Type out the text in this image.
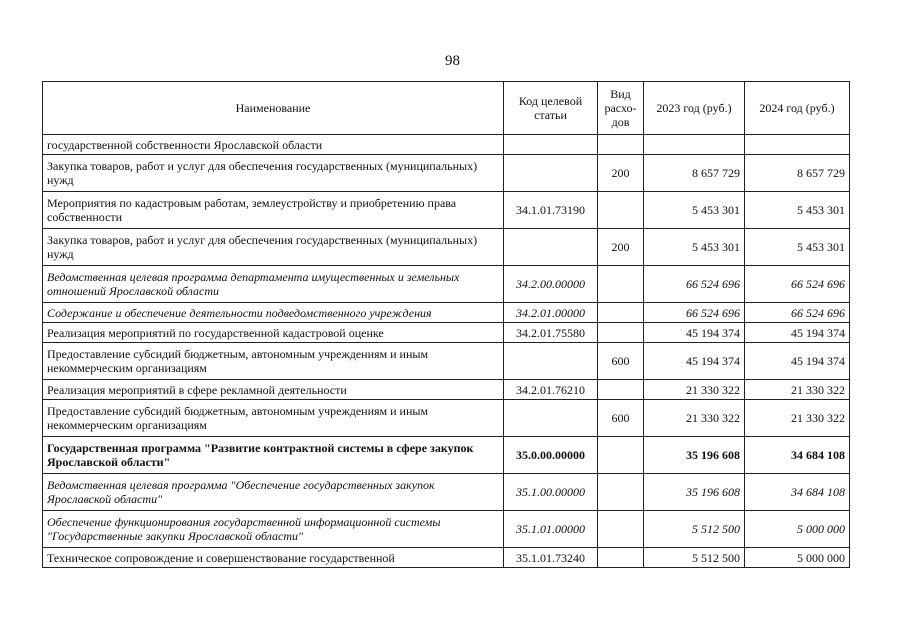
98
Наименование	Код целевой статьи	Вид расхо-дов	2023 год (руб.)	2024 год (руб.)
государственной собственности Ярославской области				
Закупка товаров, работ и услуг для обеспечения государственных (муниципальных) нужд		200	8 657 729	8 657 729
Мероприятия по кадастровым работам, землеустройству и приобретению права собственности	34.1.01.73190		5 453 301	5 453 301
Закупка товаров, работ и услуг для обеспечения государственных (муниципальных) нужд		200	5 453 301	5 453 301
Ведомственная целевая программа департамента имущественных и земельных отношений Ярославской области	34.2.00.00000		66 524 696	66 524 696
Содержание и обеспечение деятельности подведомственного учреждения	34.2.01.00000		66 524 696	66 524 696
Реализация мероприятий по государственной кадастровой оценке	34.2.01.75580		45 194 374	45 194 374
Предоставление субсидий бюджетным, автономным учреждениям и иным некоммерческим организациям		600	45 194 374	45 194 374
Реализация мероприятий в сфере рекламной деятельности	34.2.01.76210		21 330 322	21 330 322
Предоставление субсидий бюджетным, автономным учреждениям и иным некоммерческим организациям		600	21 330 322	21 330 322
Государственная программа "Развитие контрактной системы в сфере закупок Ярославской области"	35.0.00.00000		35 196 608	34 684 108
Ведомственная целевая программа "Обеспечение государственных закупок Ярославской области"	35.1.00.00000		35 196 608	34 684 108
Обеспечение функционирования государственной информационной системы "Государственные закупки Ярославской области"	35.1.01.00000		5 512 500	5 000 000
Техническое сопровождение и совершенствование государственной	35.1.01.73240		5 512 500	5 000 000
